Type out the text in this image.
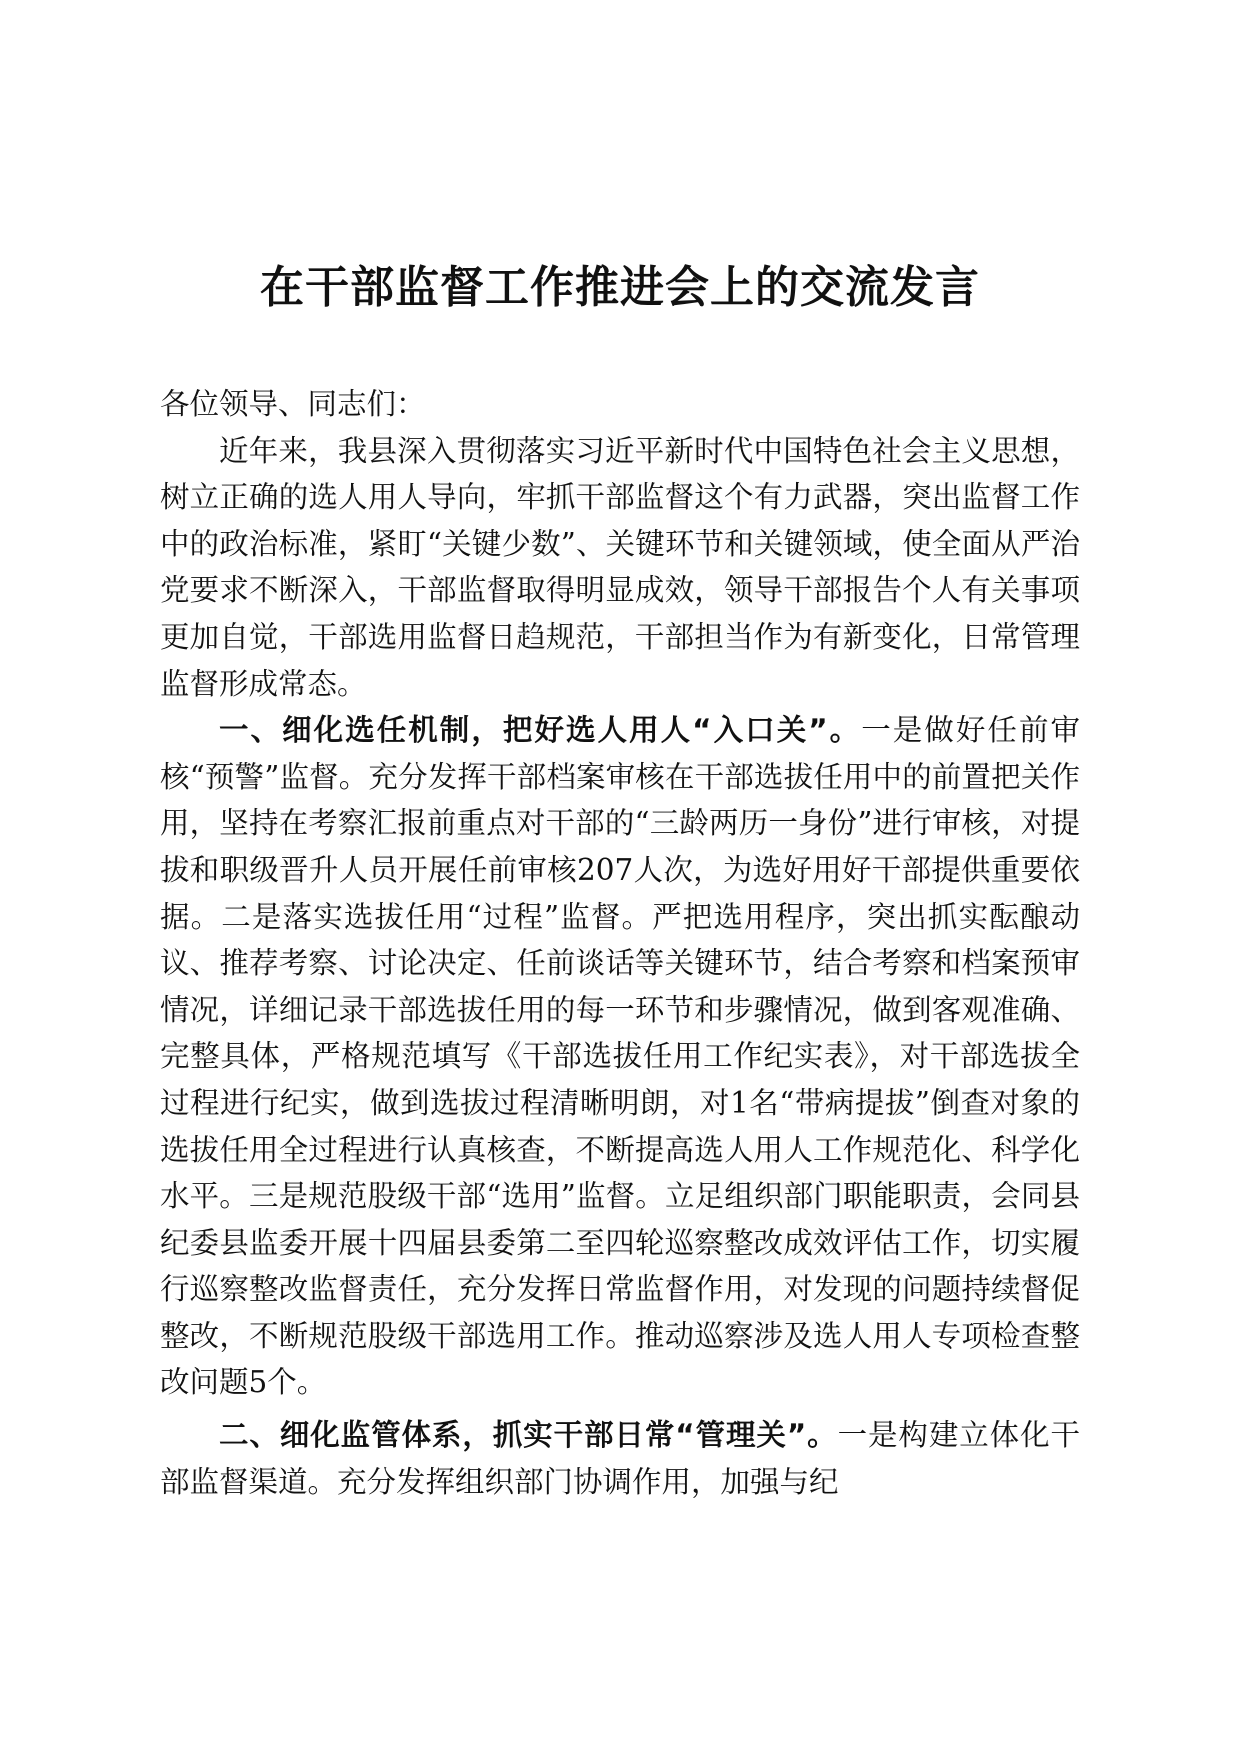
在干部监督工作推进会上的交流发言

各位领导、同志们：

近年来，我县深入贯彻落实习近平新时代中国特色社会主义思想，树立正确的选人用人导向，牢抓干部监督这个有力武器，突出监督工作中的政治标准，紧盯“关键少数”、关键环节和关键领域，使全面从严治党要求不断深入，干部监督取得明显成效，领导干部报告个人有关事项更加自觉，干部选用监督日趋规范，干部担当作为有新变化，日常管理监督形成常态。

一、细化选任机制，把好选人用人“入口关”。一是做好任前审核“预警”监督。充分发挥干部档案审核在干部选拔任用中的前置把关作用，坚持在考察汇报前重点对干部的“三龄两历一身份”进行审核，对提拔和职级晋升人员开展任前审核207人次，为选好用好干部提供重要依据。二是落实选拔任用“过程”监督。严把选用程序，突出抓实酝酿动议、推荐考察、讨论决定、任前谈话等关键环节，结合考察和档案预审情况，详细记录干部选拔任用的每一环节和步骤情况，做到客观准确、完整具体，严格规范填写《干部选拔任用工作纪实表》，对干部选拔全过程进行纪实，做到选拔过程清晰明朗，对1名“带病提拔”倒查对象的选拔任用全过程进行认真核查，不断提高选人用人工作规范化、科学化水平。三是规范股级干部“选用”监督。立足组织部门职能职责，会同县纪委县监委开展十四届县委第二至四轮巡察整改成效评估工作，切实履行巡察整改监督责任，充分发挥日常监督作用，对发现的问题持续督促整改，不断规范股级干部选用工作。推动巡察涉及选人用人专项检查整改问题5个。

二、细化监管体系，抓实干部日常“管理关”。一是构建立体化干部监督渠道。充分发挥组织部门协调作用，加强与纪
